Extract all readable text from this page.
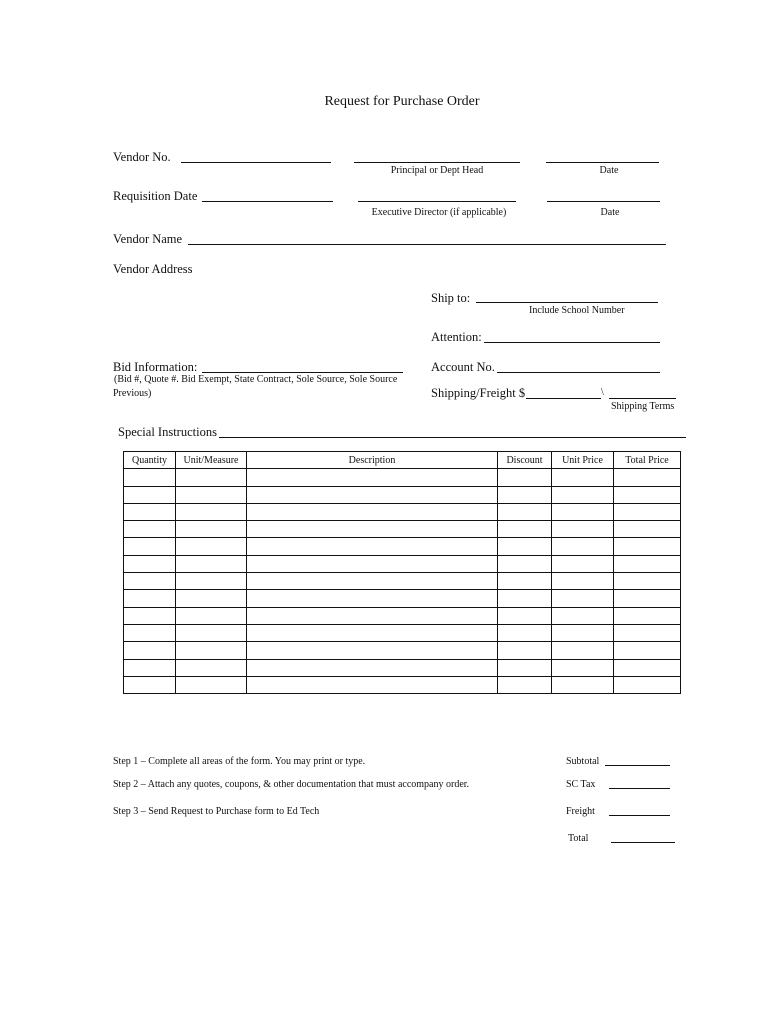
Request for Purchase Order
Vendor No.
Principal or Dept Head	Date
Requisition Date
Executive Director (if applicable)	Date
Vendor Name
Vendor Address
Ship to:
Include School Number
Attention:
Bid Information:
(Bid #, Quote #. Bid Exempt, State Contract, Sole Source, Sole Source
Previous)
Account No.
Shipping/Freight $	\
Shipping Terms
Special Instructions
Quantity	Unit/Measure	Description	Discount	Unit Price	Total Price

Step 1 – Complete all areas of the form. You may print or type.
Step 2 – Attach any quotes, coupons, & other documentation that must accompany order.
Step 3 – Send Request to Purchase form to Ed Tech
Subtotal
SC Tax
Freight
Total
